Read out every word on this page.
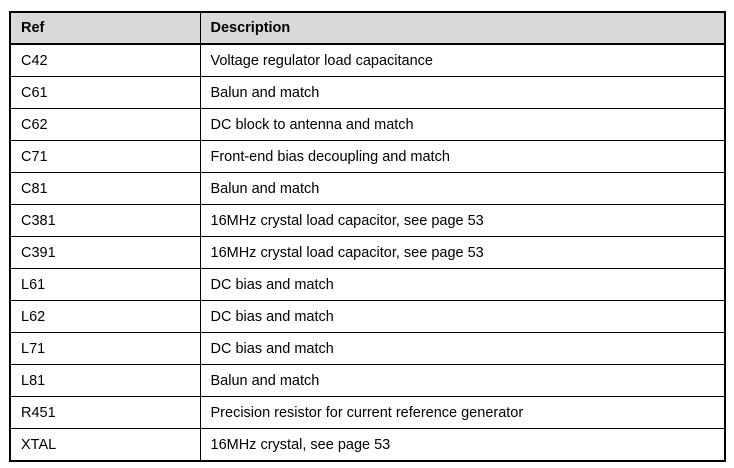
Ref	Description
C42	Voltage regulator load capacitance
C61	Balun and match
C62	DC block to antenna and match
C71	Front-end bias decoupling and match
C81	Balun and match
C381	16MHz crystal load capacitor, see page 53
C391	16MHz crystal load capacitor, see page 53
L61	DC bias and match
L62	DC bias and match
L71	DC bias and match
L81	Balun and match
R451	Precision resistor for current reference generator
XTAL	16MHz crystal, see page 53
